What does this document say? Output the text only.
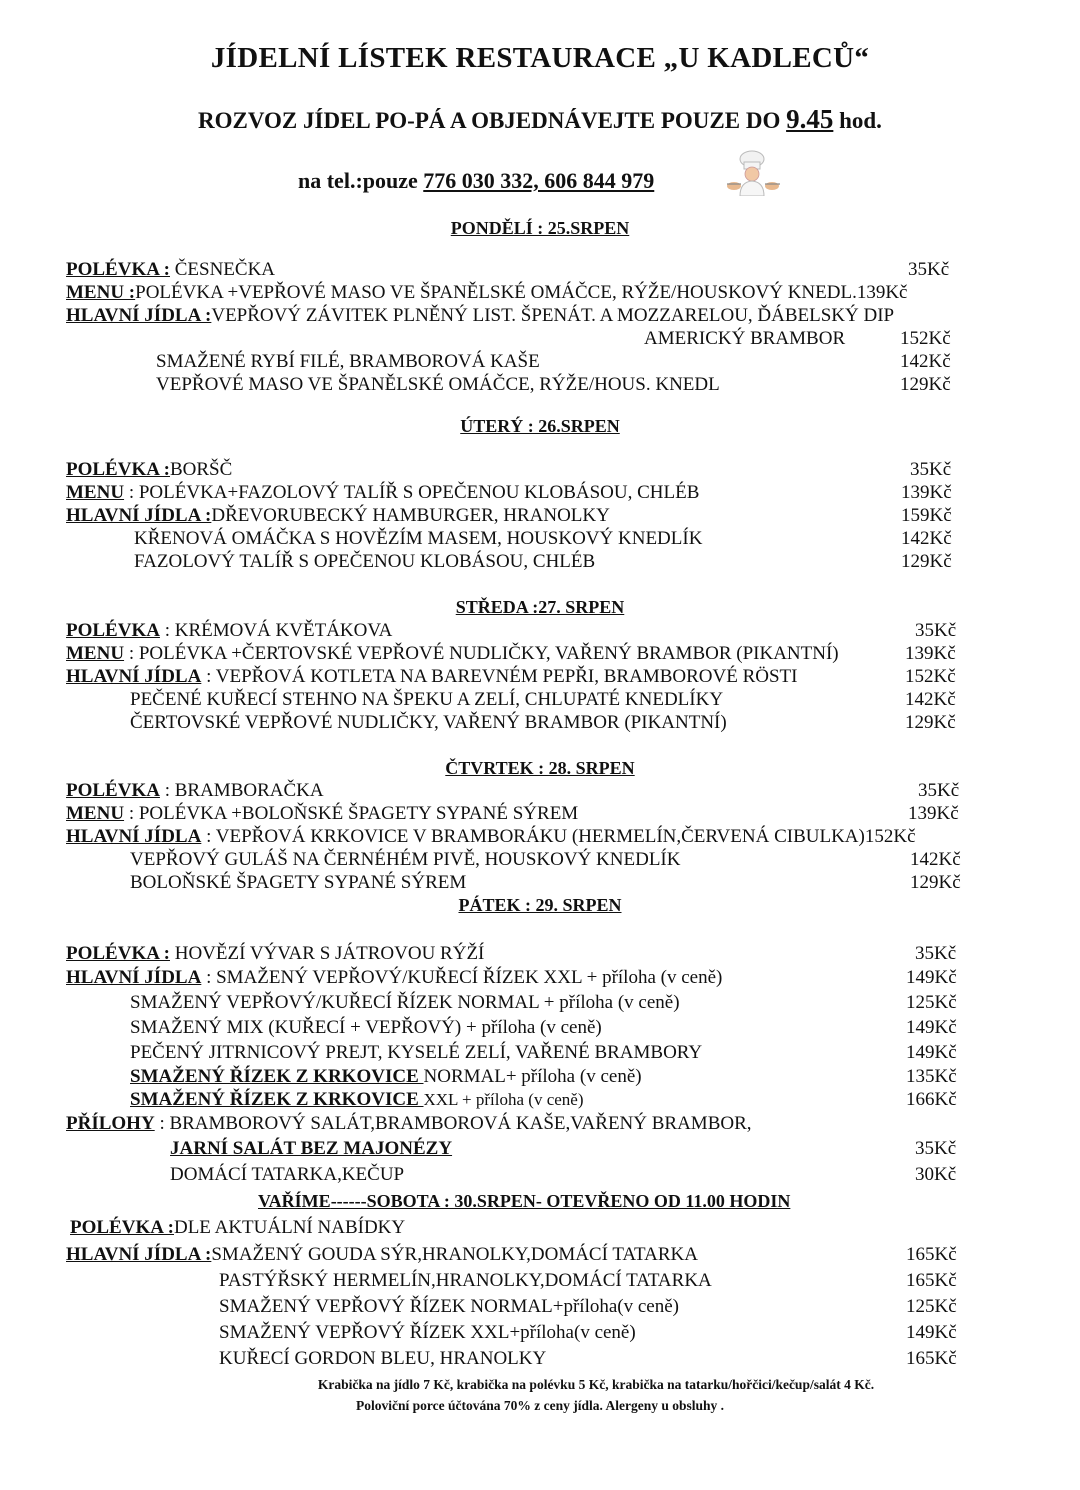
JÍDELNÍ LÍSTEK RESTAURACE „U KADLECŮ“
ROZVOZ JÍDEL PO-PÁ A OBJEDNÁVEJTE POUZE DO 9.45 hod.
na tel.:pouze 776 030 332, 606 844 979
PONDĚLÍ : 25.SRPEN
POLÉVKA : ČESNEČKA	35Kč
MENU :POLÉVKA +VEPŘOVÉ MASO VE ŠPANĚLSKÉ OMÁČCE, RÝŽE/HOUSKOVÝ KNEDL.139Kč
HLAVNÍ JÍDLA :VEPŘOVÝ ZÁVITEK PLNĚNÝ LIST. ŠPENÁT. A MOZZARELOU, ĎÁBELSKÝ DIP
AMERICKÝ BRAMBOR	152Kč
SMAŽENÉ RYBÍ FILÉ, BRAMBOROVÁ KAŠE	142Kč
VEPŘOVÉ MASO VE ŠPANĚLSKÉ OMÁČCE, RÝŽE/HOUS. KNEDL	129Kč
ÚTERÝ : 26.SRPEN
POLÉVKA :BORŠČ	35Kč
MENU : POLÉVKA+FAZOLOVÝ TALÍŘ S OPEČENOU KLOBÁSOU, CHLÉB	139Kč
HLAVNÍ JÍDLA :DŘEVORUBECKÝ HAMBURGER, HRANOLKY	159Kč
KŘENOVÁ OMÁČKA S HOVĚZÍM MASEM, HOUSKOVÝ KNEDLÍK	142Kč
FAZOLOVÝ TALÍŘ S OPEČENOU KLOBÁSOU, CHLÉB	129Kč
STŘEDA :27. SRPEN
POLÉVKA : KRÉMOVÁ KVĚTÁKOVA	35Kč
MENU : POLÉVKA +ČERTOVSKÉ VEPŘOVÉ NUDLIČKY, VAŘENÝ BRAMBOR (PIKANTNÍ)	139Kč
HLAVNÍ JÍDLA : VEPŘOVÁ KOTLETA NA BAREVNÉM PEPŘI, BRAMBOROVÉ RÖSTI	152Kč
PEČENÉ KUŘECÍ STEHNO NA ŠPEKU A ZELÍ, CHLUPATÉ KNEDLÍKY	142Kč
ČERTOVSKÉ VEPŘOVÉ NUDLIČKY, VAŘENÝ BRAMBOR (PIKANTNÍ)	129Kč
ČTVRTEK : 28. SRPEN
POLÉVKA : BRAMBORAČKA	35Kč
MENU : POLÉVKA +BOLOŇSKÉ ŠPAGETY SYPANÉ SÝREM	139Kč
HLAVNÍ JÍDLA : VEPŘOVÁ KRKOVICE V BRAMBORÁKU (HERMELÍN,ČERVENÁ CIBULKA)152Kč
VEPŘOVÝ GULÁŠ NA ČERNÉHÉM PIVĚ, HOUSKOVÝ KNEDLÍK	142Kč
BOLOŇSKÉ ŠPAGETY SYPANÉ SÝREM	129Kč
PÁTEK : 29. SRPEN
POLÉVKA : HOVĚZÍ VÝVAR S JÁTROVOU RÝŽÍ	35Kč
HLAVNÍ JÍDLA : SMAŽENÝ VEPŘOVÝ/KUŘECÍ ŘÍZEK XXL + příloha (v ceně)	149Kč
SMAŽENÝ VEPŘOVÝ/KUŘECÍ ŘÍZEK NORMAL + příloha (v ceně)	125Kč
SMAŽENÝ MIX (KUŘECÍ + VEPŘOVÝ) + příloha (v ceně)	149Kč
PEČENÝ JITRNICOVÝ PREJT, KYSELÉ ZELÍ, VAŘENÉ BRAMBORY	149Kč
SMAŽENÝ ŘÍZEK Z KRKOVICE NORMAL+ příloha (v ceně)	135Kč
SMAŽENÝ ŘÍZEK Z KRKOVICE XXL + příloha (v ceně)	166Kč
PŘÍLOHY : BRAMBOROVÝ SALÁT,BRAMBOROVÁ KAŠE,VAŘENÝ BRAMBOR,
JARNÍ SALÁT BEZ MAJONÉZY	35Kč
DOMÁCÍ TATARKA,KEČUP	30Kč
VAŘÍME------SOBOTA : 30.SRPEN- OTEVŘENO OD 11.00 HODIN
POLÉVKA :DLE AKTUÁLNÍ NABÍDKY
HLAVNÍ JÍDLA :SMAŽENÝ GOUDA SÝR,HRANOLKY,DOMÁCÍ TATARKA	165Kč
PASTÝŘSKÝ HERMELÍN,HRANOLKY,DOMÁCÍ TATARKA	165Kč
SMAŽENÝ VEPŘOVÝ ŘÍZEK NORMAL+příloha(v ceně)	125Kč
SMAŽENÝ VEPŘOVÝ ŘÍZEK XXL+příloha(v ceně)	149Kč
KUŘECÍ GORDON BLEU, HRANOLKY	165Kč
Krabička na jídlo 7 Kč, krabička na polévku 5 Kč, krabička na tatarku/hořčici/kečup/salát 4 Kč.
Poloviční porce účtována 70% z ceny jídla. Alergeny u obsluhy .
